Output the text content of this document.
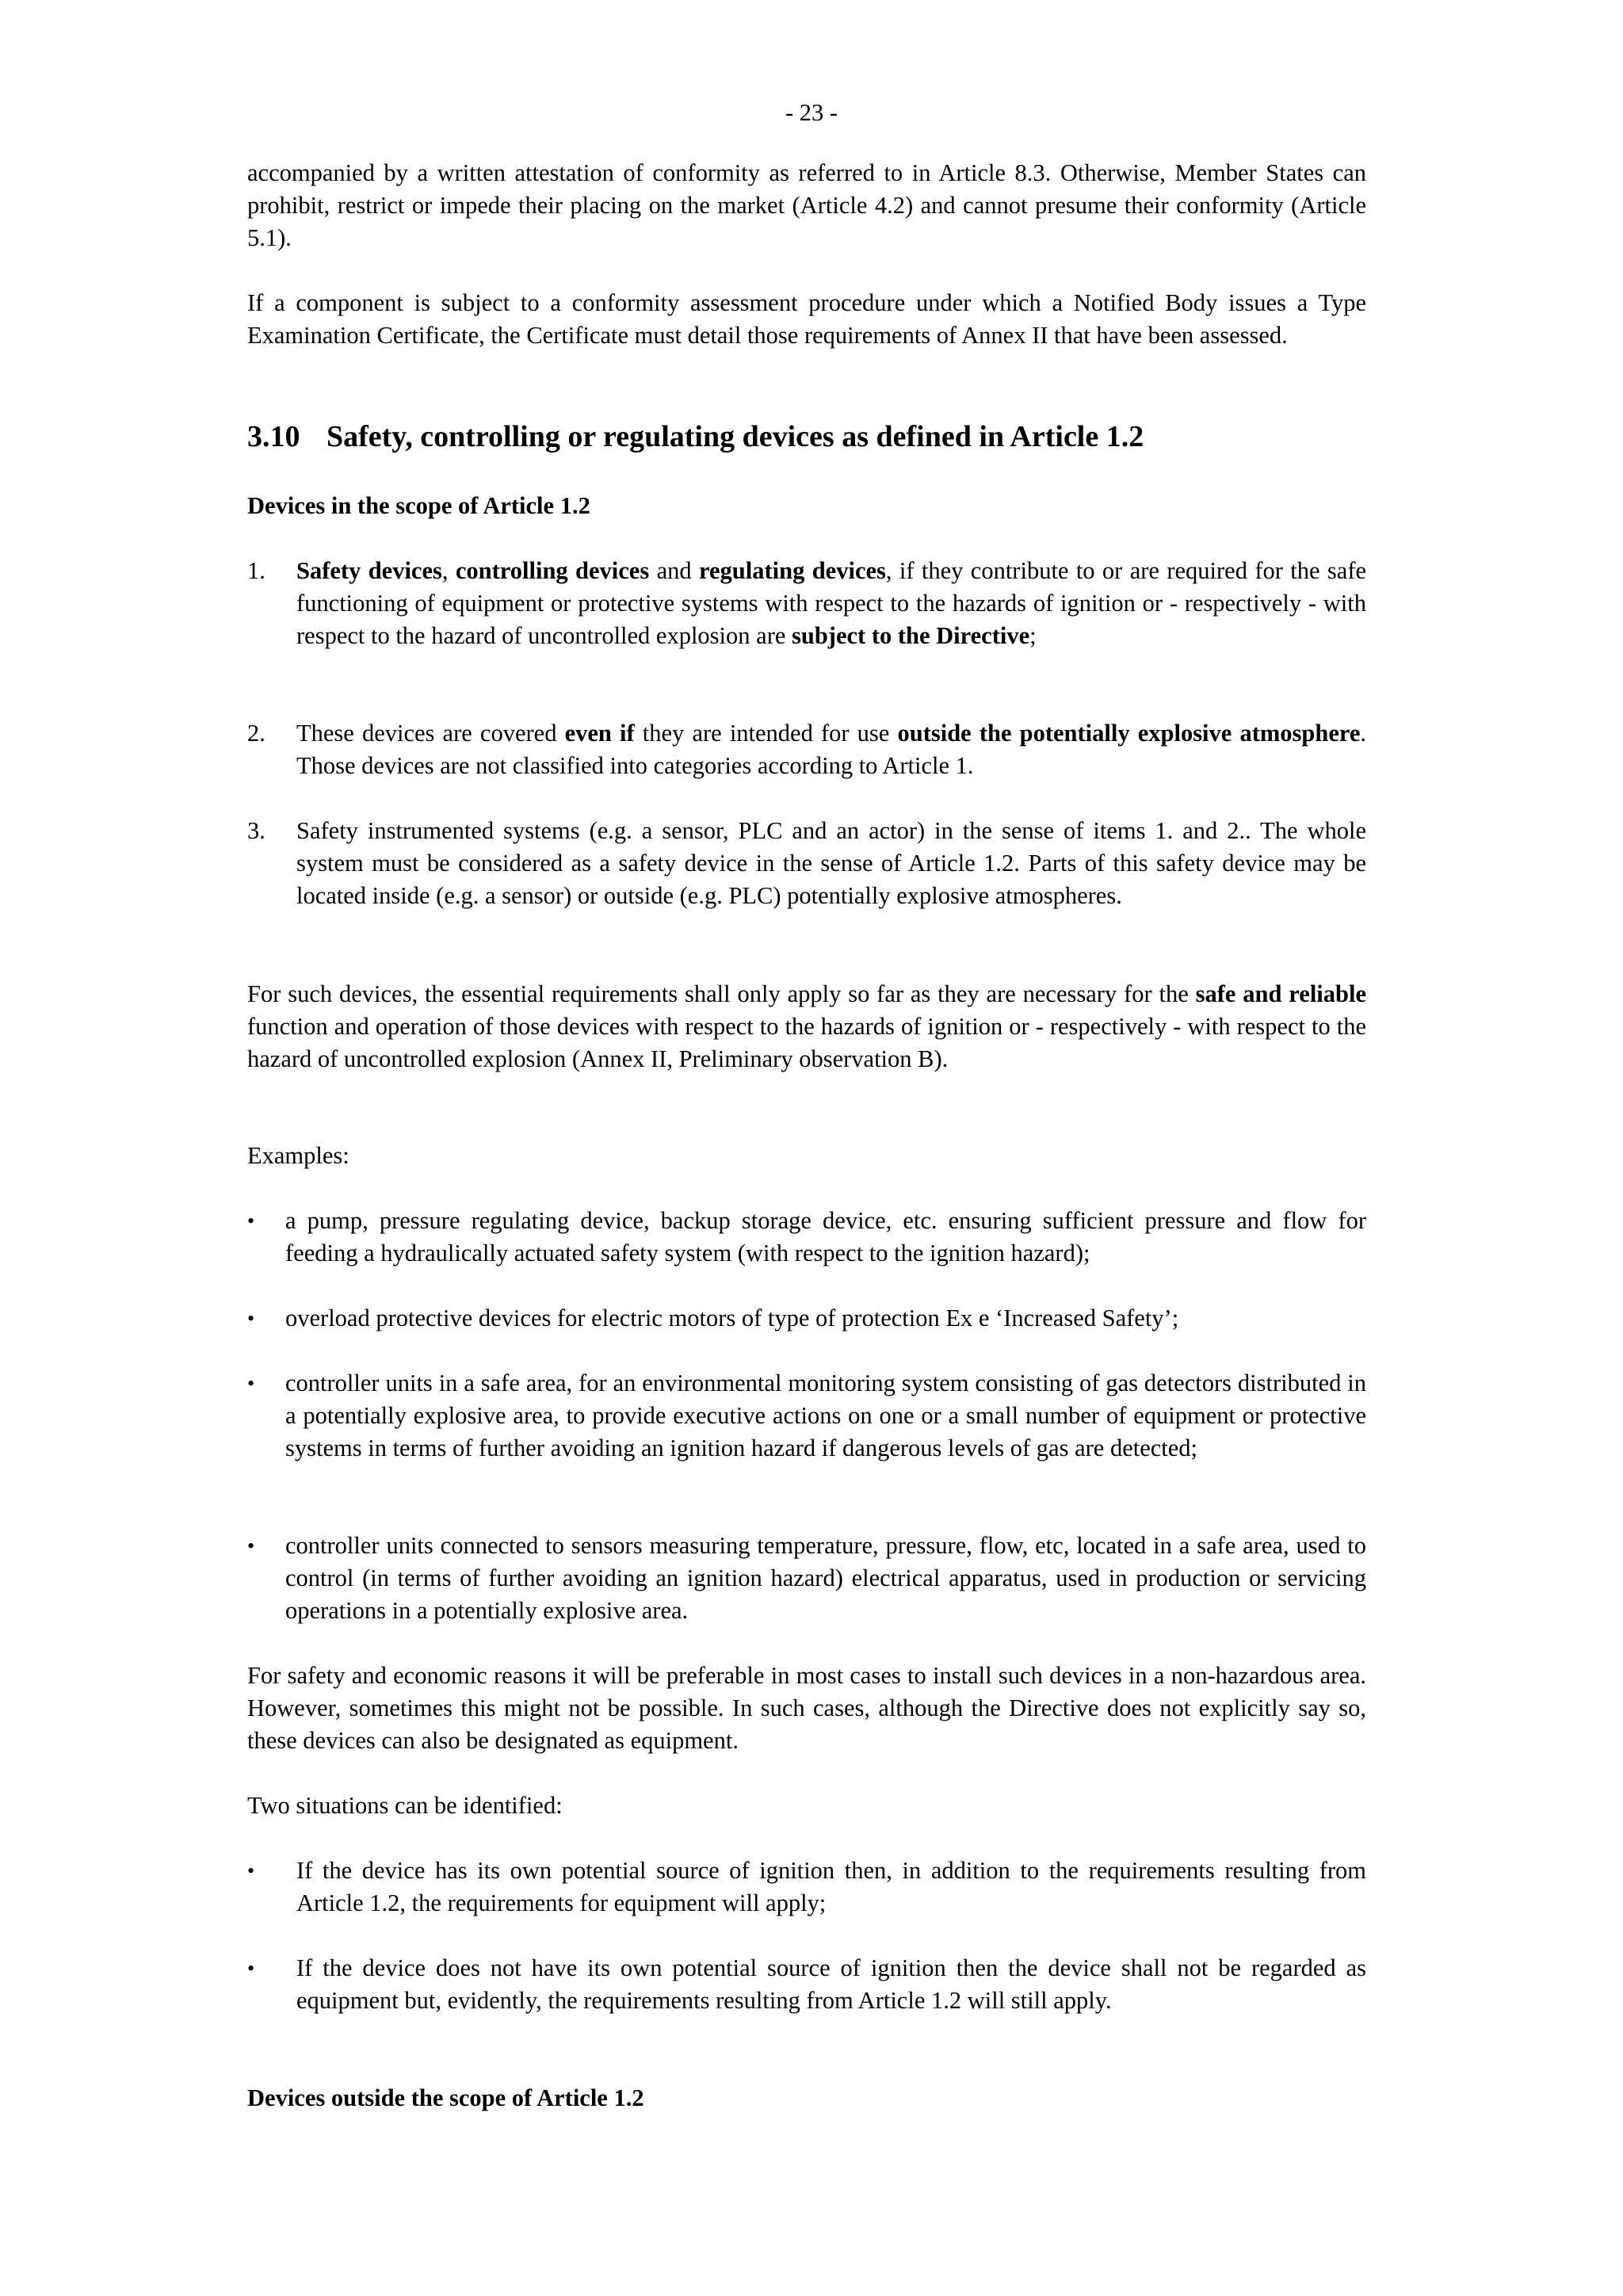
- 23 -

accompanied by a written attestation of conformity as referred to in Article 8.3. Otherwise, Member States can prohibit, restrict or impede their placing on the market (Article 4.2) and cannot presume their conformity (Article 5.1).

If a component is subject to a conformity assessment procedure under which a Notified Body issues a Type Examination Certificate, the Certificate must detail those requirements of Annex II that have been assessed.

3.10 Safety, controlling or regulating devices as defined in Article 1.2
Devices in the scope of Article 1.2
1. Safety devices, controlling devices and regulating devices, if they contribute to or are required for the safe functioning of equipment or protective systems with respect to the hazards of ignition or - respectively - with respect to the hazard of uncontrolled explosion are subject to the Directive;

2. These devices are covered even if they are intended for use outside the potentially explosive atmosphere. Those devices are not classified into categories according to Article 1.

3. Safety instrumented systems (e.g. a sensor, PLC and an actor) in the sense of items 1. and 2.. The whole system must be considered as a safety device in the sense of Article 1.2. Parts of this safety device may be located inside (e.g. a sensor) or outside (e.g. PLC) potentially explosive atmospheres.

For such devices, the essential requirements shall only apply so far as they are necessary for the safe and reliable function and operation of those devices with respect to the hazards of ignition or - respectively - with respect to the hazard of uncontrolled explosion (Annex II, Preliminary observation B).

Examples:
• a pump, pressure regulating device, backup storage device, etc. ensuring sufficient pressure and flow for feeding a hydraulically actuated safety system (with respect to the ignition hazard);

• overload protective devices for electric motors of type of protection Ex e ‘Increased Safety’;

• controller units in a safe area, for an environmental monitoring system consisting of gas detectors distributed in a potentially explosive area, to provide executive actions on one or a small number of equipment or protective systems in terms of further avoiding an ignition hazard if dangerous levels of gas are detected;

• controller units connected to sensors measuring temperature, pressure, flow, etc, located in a safe area, used to control (in terms of further avoiding an ignition hazard) electrical apparatus, used in production or servicing operations in a potentially explosive area.

For safety and economic reasons it will be preferable in most cases to install such devices in a non-hazardous area. However, sometimes this might not be possible. In such cases, although the Directive does not explicitly say so, these devices can also be designated as equipment.

Two situations can be identified:
• If the device has its own potential source of ignition then, in addition to the requirements resulting from Article 1.2, the requirements for equipment will apply;

• If the device does not have its own potential source of ignition then the device shall not be regarded as equipment but, evidently, the requirements resulting from Article 1.2 will still apply.

Devices outside the scope of Article 1.2
